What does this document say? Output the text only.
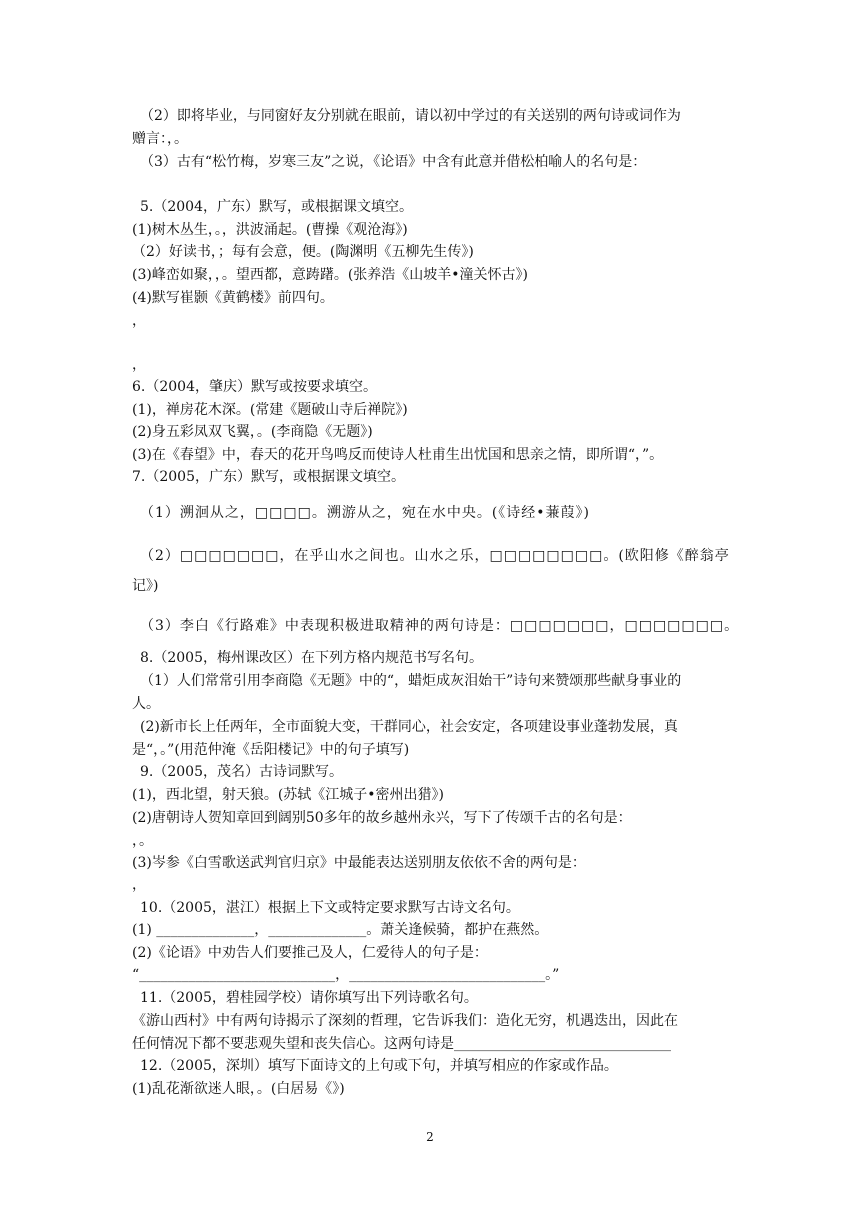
（2）即将毕业，与同窗好友分别就在眼前，请以初中学过的有关送别的两句诗或词作为
赠言：，。
（3）古有“松竹梅，岁寒三友”之说，《论语》中含有此意并借松柏喻人的名句是：
5.（2004，广东）默写，或根据课文填空。
(1)树木丛生，。，洪波涌起。(曹操《观沧海》)
（2）好读书，；每有会意，便。(陶渊明《五柳先生传》)
(3)峰峦如聚，，。望西都，意踌躇。(张养浩《山坡羊•潼关怀古》)
(4)默写崔颢《黄鹤楼》前四句。
，
，
6.（2004，肇庆）默写或按要求填空。
(1)，禅房花木深。(常建《题破山寺后禅院》)
(2)身五彩凤双飞翼，。(李商隐《无题》)
(3)在《春望》中，春天的花开鸟鸣反而使诗人杜甫生出忧国和思亲之情，即所谓“，”。
7.（2005，广东）默写，或根据课文填空。
（1）溯洄从之，□□□□。溯游从之，宛在水中央。(《诗经•蒹葭》)
（2）□□□□□□□，在乎山水之间也。山水之乐，□□□□□□□□。(欧阳修《醉翁亭
记》)
（3）李白《行路难》中表现积极进取精神的两句诗是：□□□□□□□，□□□□□□□。
8.（2005，梅州课改区）在下列方格内规范书写名句。
（1）人们常常引用李商隐《无题》中的“，蜡炬成灰泪始干”诗句来赞颂那些献身事业的
人。
(2)新市长上任两年，全市面貌大变，干群同心，社会安定，各项建设事业蓬勃发展，真
是“，。”(用范仲淹《岳阳楼记》中的句子填写)
9.（2005，茂名）古诗词默写。
(1)，西北望，射天狼。(苏轼《江城子•密州出猎》)
(2)唐朝诗人贺知章回到阔别50多年的故乡越州永兴，写下了传颂千古的名句是：
，。
(3)岑参《白雪歌送武判官归京》中最能表达送别朋友依依不舍的两句是：
，
10.（2005，湛江）根据上下文或特定要求默写古诗文名句。
(1) ______________，______________。萧关逢候骑，都护在燕然。
(2)《论语》中劝告人们要推己及人，仁爱待人的句子是：
“____________________________，____________________________。”
11.（2005，碧桂园学校）请你填写出下列诗歌名句。
《游山西村》中有两句诗揭示了深刻的哲理，它告诉我们：造化无穷，机遇迭出，因此在
任何情况下都不要悲观失望和丧失信心。这两句诗是_______________________________
12.（2005，深圳）填写下面诗文的上句或下句，并填写相应的作家或作品。
(1)乱花渐欲迷人眼，。(白居易《》)
2
